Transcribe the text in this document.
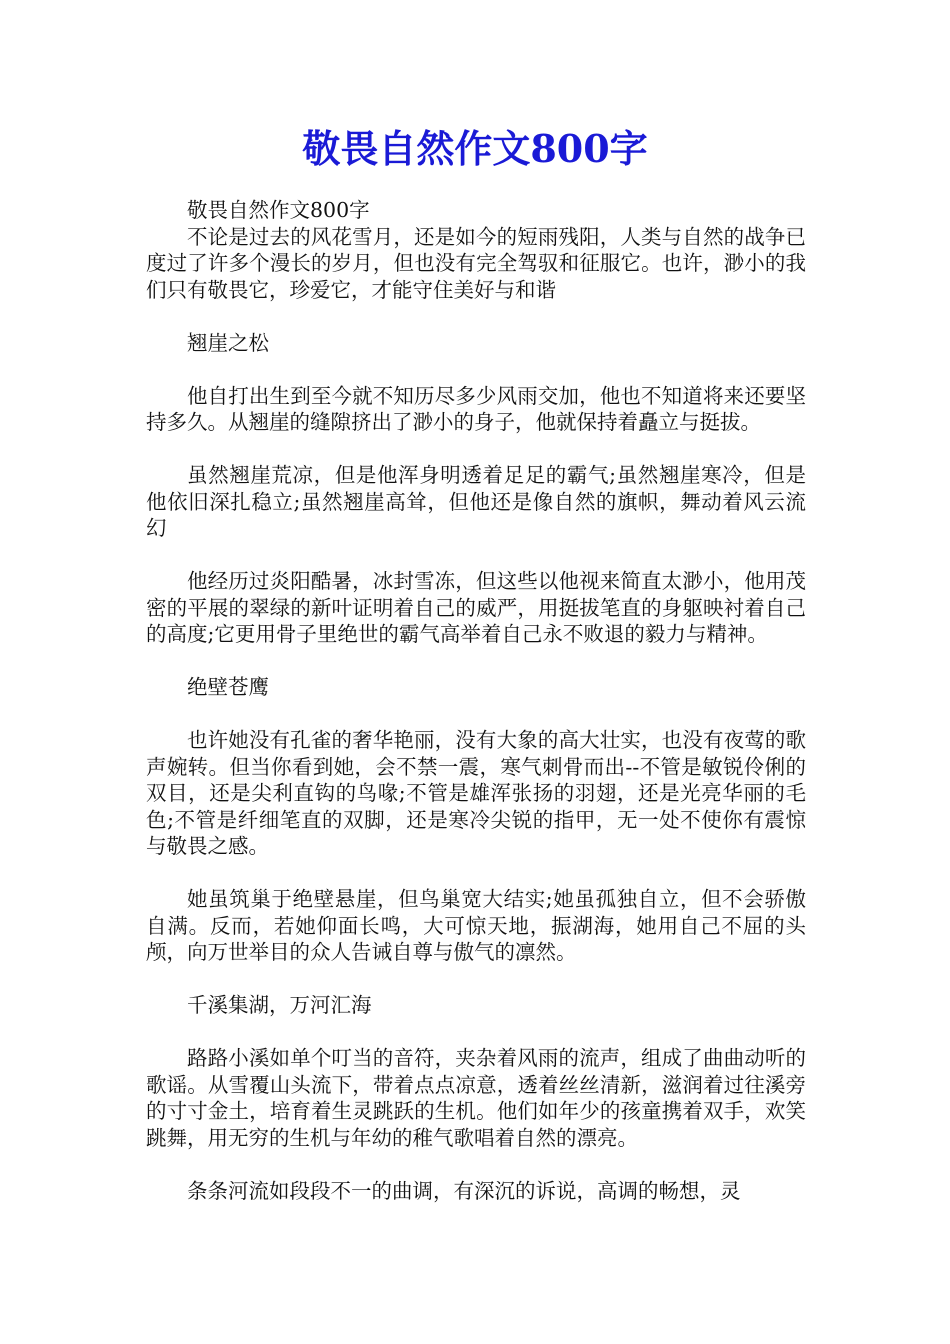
敬畏自然作文800字

敬畏自然作文800字

不论是过去的风花雪月，还是如今的短雨残阳，人类与自然的战争已度过了许多个漫长的岁月，但也没有完全驾驭和征服它。也许，渺小的我们只有敬畏它，珍爱它，才能守住美好与和谐

翘崖之松

他自打出生到至今就不知历尽多少风雨交加，他也不知道将来还要坚持多久。从翘崖的缝隙挤出了渺小的身子，他就保持着矗立与挺拔。

虽然翘崖荒凉，但是他浑身明透着足足的霸气;虽然翘崖寒冷，但是他依旧深扎稳立;虽然翘崖高耸，但他还是像自然的旗帜，舞动着风云流幻

他经历过炎阳酷暑，冰封雪冻，但这些以他视来简直太渺小，他用茂密的平展的翠绿的新叶证明着自己的威严，用挺拔笔直的身躯映衬着自己的高度;它更用骨子里绝世的霸气高举着自己永不败退的毅力与精神。

绝壁苍鹰

也许她没有孔雀的奢华艳丽，没有大象的高大壮实，也没有夜莺的歌声婉转。但当你看到她，会不禁一震，寒气刺骨而出--不管是敏锐伶俐的双目，还是尖利直钩的鸟喙;不管是雄浑张扬的羽翅，还是光亮华丽的毛色;不管是纤细笔直的双脚，还是寒冷尖锐的指甲，无一处不使你有震惊与敬畏之感。

她虽筑巢于绝壁悬崖，但鸟巢宽大结实;她虽孤独自立，但不会骄傲自满。反而，若她仰面长鸣，大可惊天地，振湖海，她用自己不屈的头颅，向万世举目的众人告诫自尊与傲气的凛然。

千溪集湖，万河汇海

路路小溪如单个叮当的音符，夹杂着风雨的流声，组成了曲曲动听的歌谣。从雪覆山头流下，带着点点凉意，透着丝丝清新，滋润着过往溪旁的寸寸金土，培育着生灵跳跃的生机。他们如年少的孩童携着双手，欢笑跳舞，用无穷的生机与年幼的稚气歌唱着自然的漂亮。

条条河流如段段不一的曲调，有深沉的诉说，高调的畅想，灵
